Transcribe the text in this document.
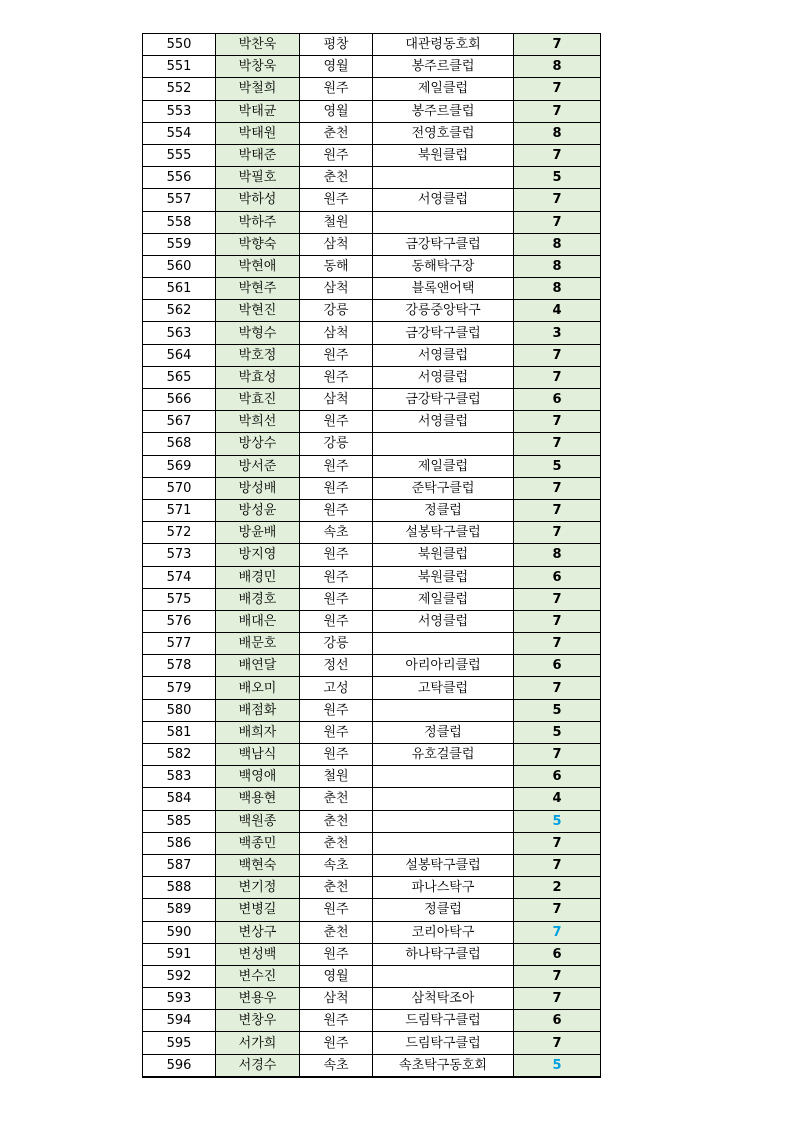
550	박찬욱	평창	대관령동호회	7
551	박창욱	영월	봉주르클럽	8
552	박철희	원주	제일클럽	7
553	박태균	영월	봉주르클럽	7
554	박태원	춘천	전영호클럽	8
555	박태준	원주	북원클럽	7
556	박필호	춘천		5
557	박하성	원주	서영클럽	7
558	박하주	철원		7
559	박향숙	삼척	금강탁구클럽	8
560	박현애	동해	동해탁구장	8
561	박현주	삼척	블록앤어택	8
562	박현진	강릉	강릉중앙탁구	4
563	박형수	삼척	금강탁구클럽	3
564	박호정	원주	서영클럽	7
565	박효성	원주	서영클럽	7
566	박효진	삼척	금강탁구클럽	6
567	박희선	원주	서영클럽	7
568	방상수	강릉		7
569	방서준	원주	제일클럽	5
570	방성배	원주	준탁구클럽	7
571	방성윤	원주	정클럽	7
572	방윤배	속초	설봉탁구클럽	7
573	방지영	원주	북원클럽	8
574	배경민	원주	북원클럽	6
575	배경호	원주	제일클럽	7
576	배대은	원주	서영클럽	7
577	배문호	강릉		7
578	배연달	정선	아리아리클럽	6
579	배오미	고성	고탁클럽	7
580	배점화	원주		5
581	배희자	원주	정클럽	5
582	백남식	원주	유호걸클럽	7
583	백영애	철원		6
584	백용현	춘천		4
585	백원종	춘천		5
586	백종민	춘천		7
587	백현숙	속초	설봉탁구클럽	7
588	변기정	춘천	파나스탁구	2
589	변병길	원주	정클럽	7
590	변상구	춘천	코리아탁구	7
591	변성백	원주	하나탁구클럽	6
592	변수진	영월		7
593	변용우	삼척	삼척탁조아	7
594	변창우	원주	드림탁구클럽	6
595	서가희	원주	드림탁구클럽	7
596	서경수	속초	속초탁구동호회	5
